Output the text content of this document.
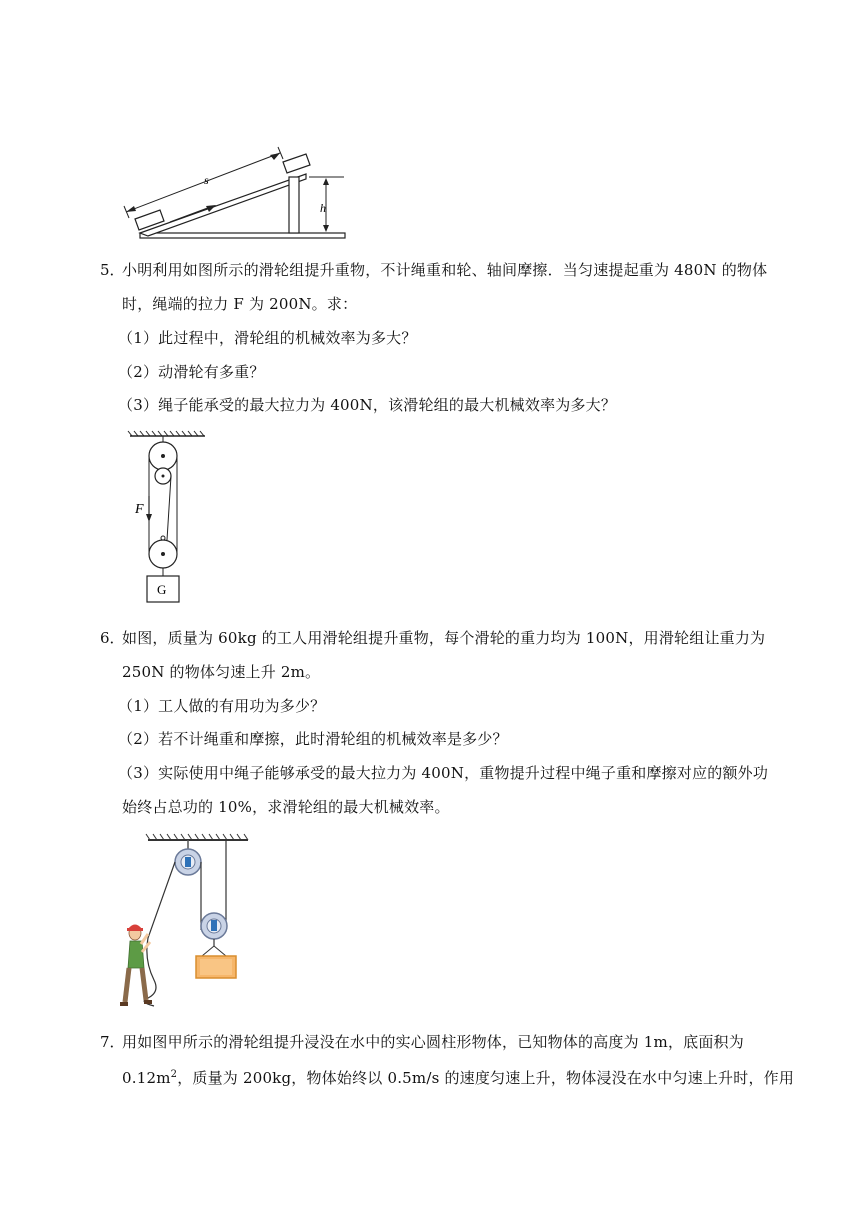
s
h
5．
小明利用如图所示的滑轮组提升重物，不计绳重和轮、轴间摩擦．当匀速提起重为 480N 的物体
时，绳端的拉力 F 为 200N。求：
（1）此过程中，滑轮组的机械效率为多大？
（2）动滑轮有多重？
（3）绳子能承受的最大拉力为 400N，该滑轮组的最大机械效率为多大？
F
G
6．
如图，质量为 60kg 的工人用滑轮组提升重物，每个滑轮的重力均为 100N，用滑轮组让重力为
250N 的物体匀速上升 2m。
（1）工人做的有用功为多少？
（2）若不计绳重和摩擦，此时滑轮组的机械效率是多少？
（3）实际使用中绳子能够承受的最大拉力为 400N，重物提升过程中绳子重和摩擦对应的额外功
始终占总功的 10%，求滑轮组的最大机械效率。
7．
用如图甲所示的滑轮组提升浸没在水中的实心圆柱形物体，已知物体的高度为 1m，底面积为
$0.12m^2$，质量为 200kg，物体始终以 0.5m/s 的速度匀速上升，物体浸没在水中匀速上升时，作用
